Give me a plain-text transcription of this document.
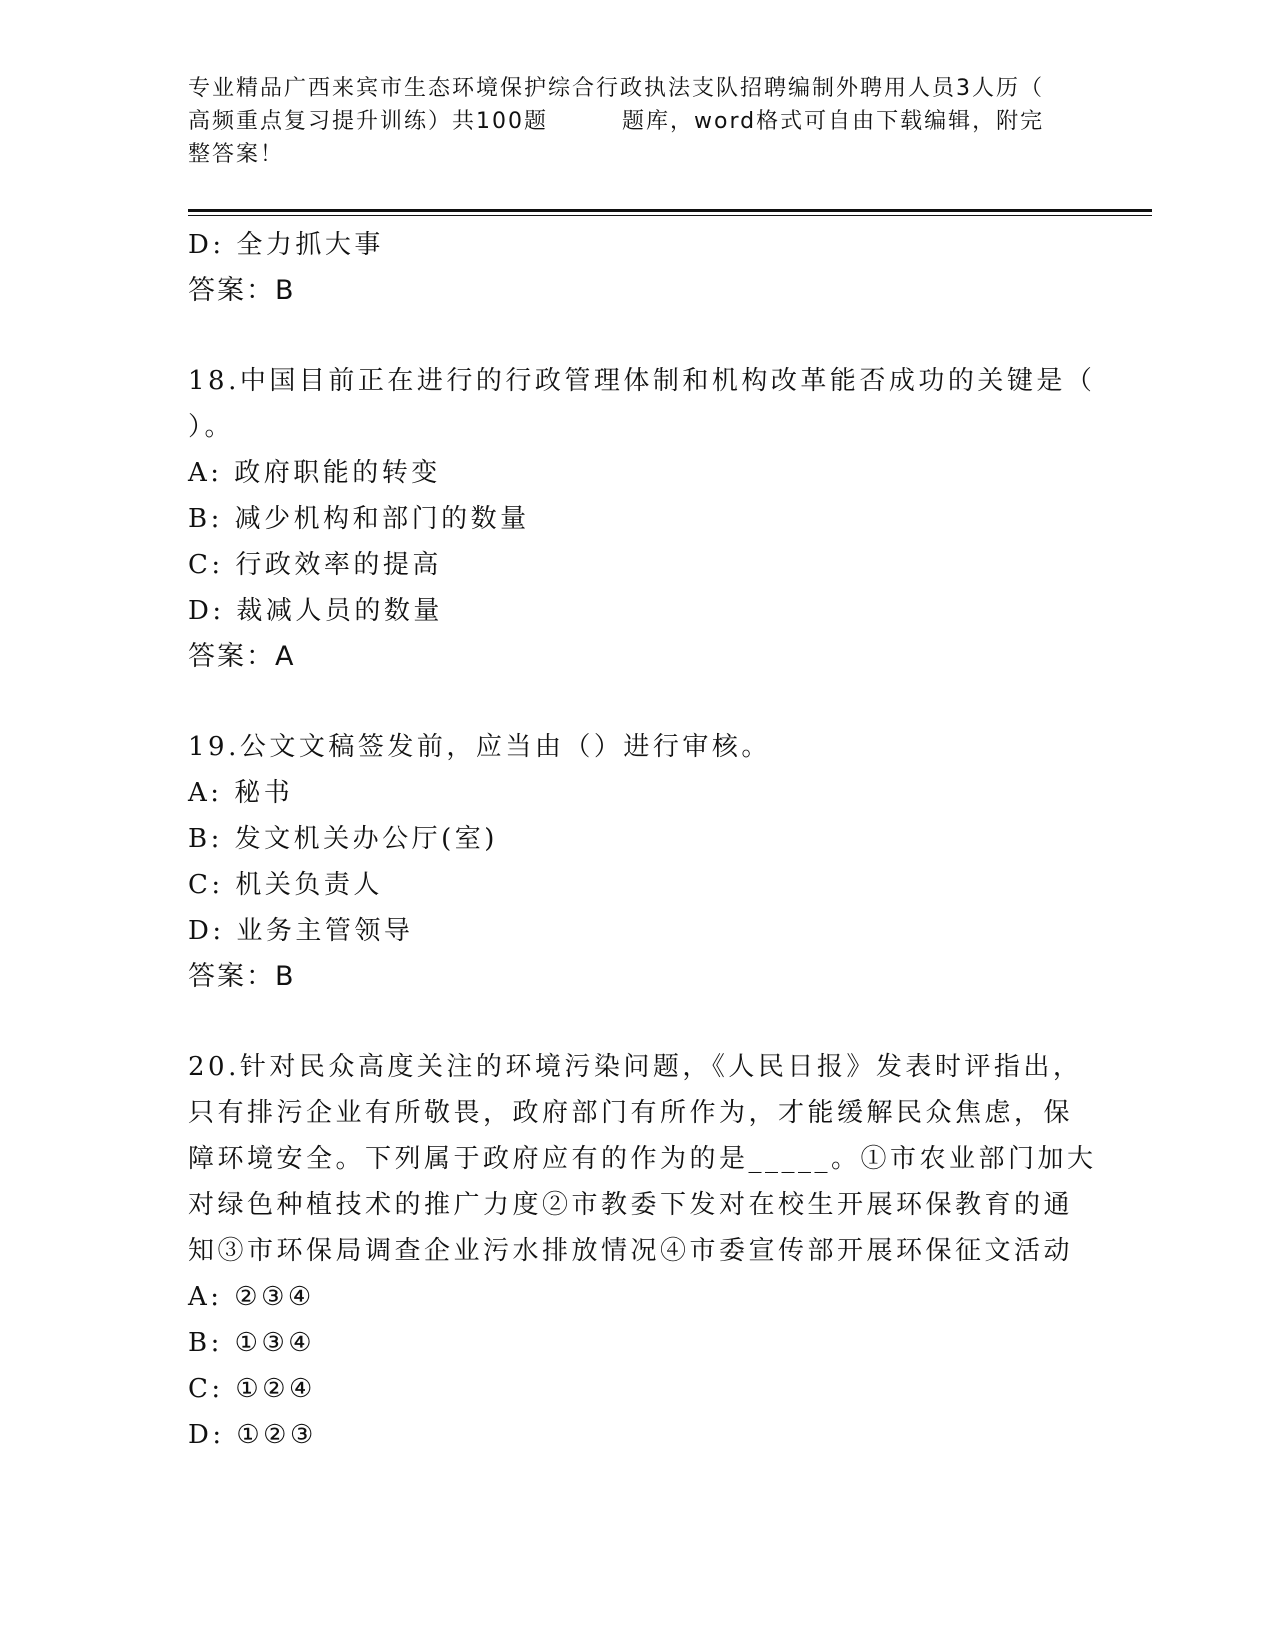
专业精品广西来宾市生态环境保护综合行政执法支队招聘编制外聘用人员3人历（
高频重点复习提升训练）共100题	题库，word格式可自由下载编辑，附完
整答案！
D: 全力抓大事
答案：B
18.中国目前正在进行的行政管理体制和机构改革能否成功的关键是（
）。
A: 政府职能的转变
B: 减少机构和部门的数量
C: 行政效率的提高
D: 裁减人员的数量
答案：A
19.公文文稿签发前，应当由（）进行审核。
A: 秘书
B: 发文机关办公厅(室)
C: 机关负责人
D: 业务主管领导
答案：B
20.针对民众高度关注的环境污染问题，《人民日报》发表时评指出，
只有排污企业有所敬畏，政府部门有所作为，才能缓解民众焦虑，保
障环境安全。下列属于政府应有的作为的是_____。①市农业部门加大
对绿色种植技术的推广力度②市教委下发对在校生开展环保教育的通
知③市环保局调查企业污水排放情况④市委宣传部开展环保征文活动
A: ②③④
B: ①③④
C: ①②④
D: ①②③
